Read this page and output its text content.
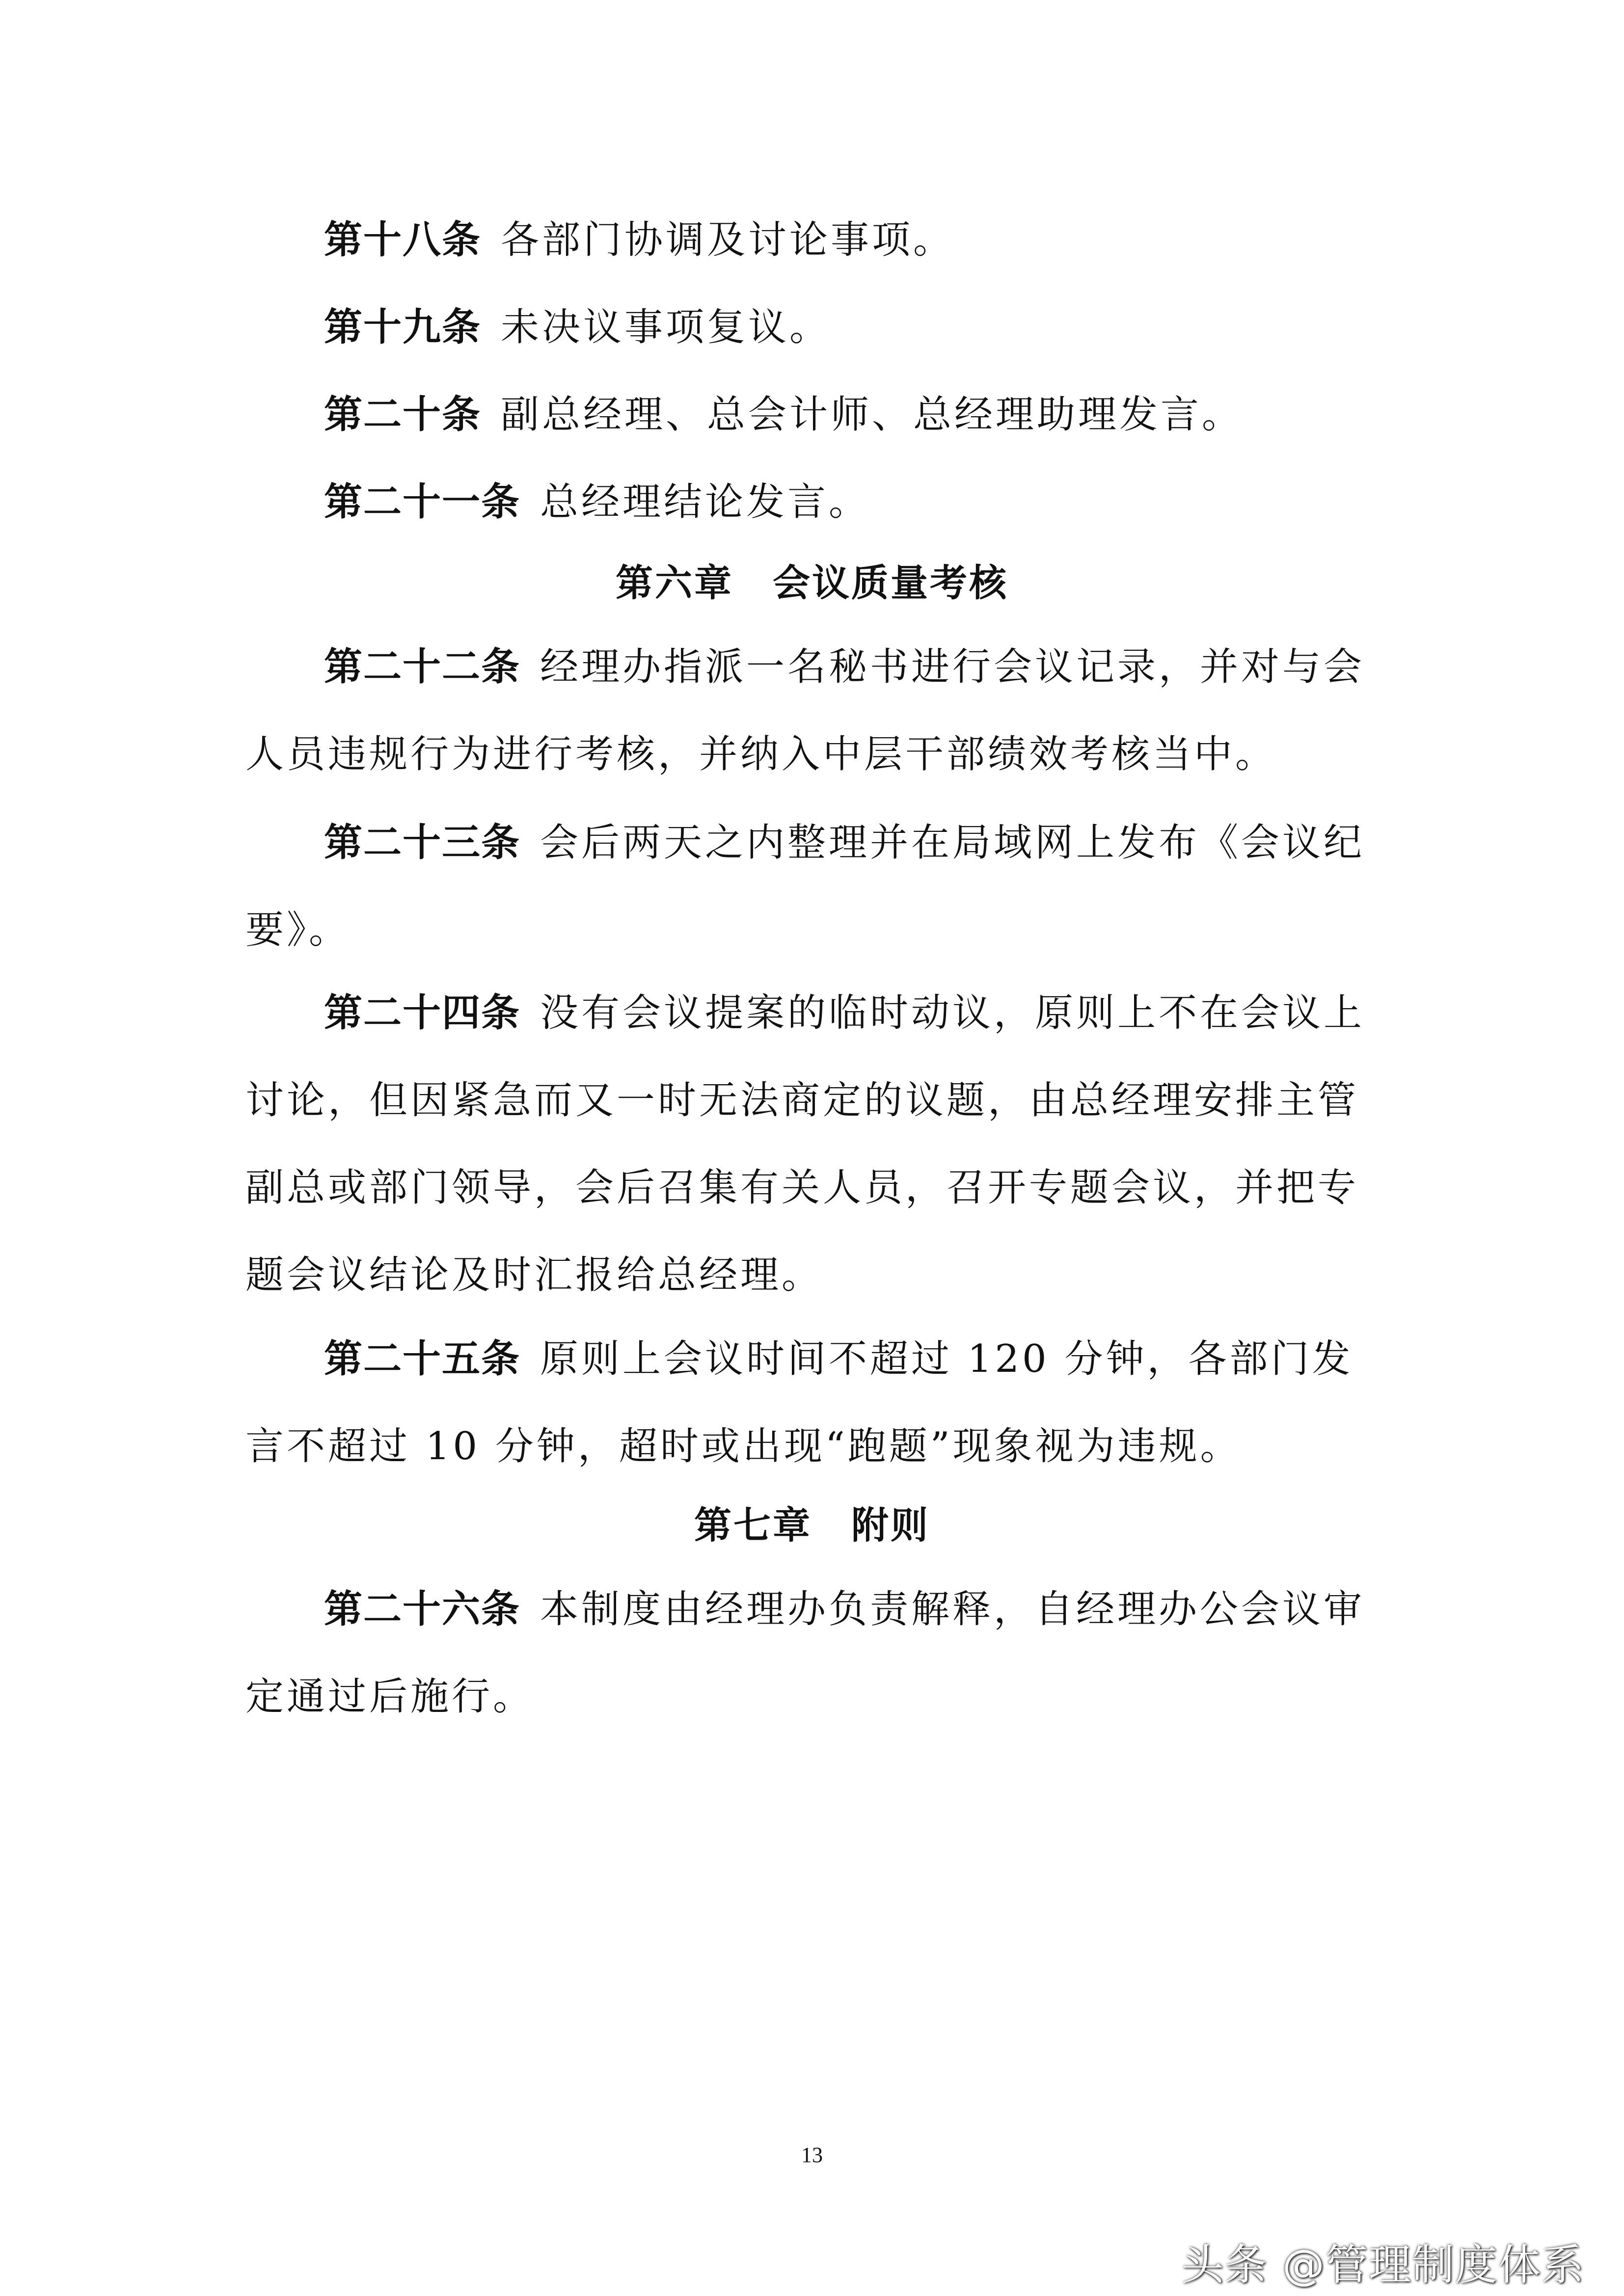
第十八条 各部门协调及讨论事项。
第十九条 未决议事项复议。
第二十条 副总经理、总会计师、总经理助理发言。
第二十一条 总经理结论发言。
第六章 会议质量考核
第二十二条 经理办指派一名秘书进行会议记录，并对与会人员违规行为进行考核，并纳入中层干部绩效考核当中。
第二十三条 会后两天之内整理并在局域网上发布《会议纪要》。
第二十四条 没有会议提案的临时动议，原则上不在会议上讨论，但因紧急而又一时无法商定的议题，由总经理安排主管副总或部门领导，会后召集有关人员，召开专题会议，并把专题会议结论及时汇报给总经理。
第二十五条 原则上会议时间不超过 120 分钟，各部门发言不超过 10 分钟，超时或出现“跑题”现象视为违规。
第七章 附则
第二十六条 本制度由经理办负责解释，自经理办公会议审定通过后施行。
13
头条 @管理制度体系
